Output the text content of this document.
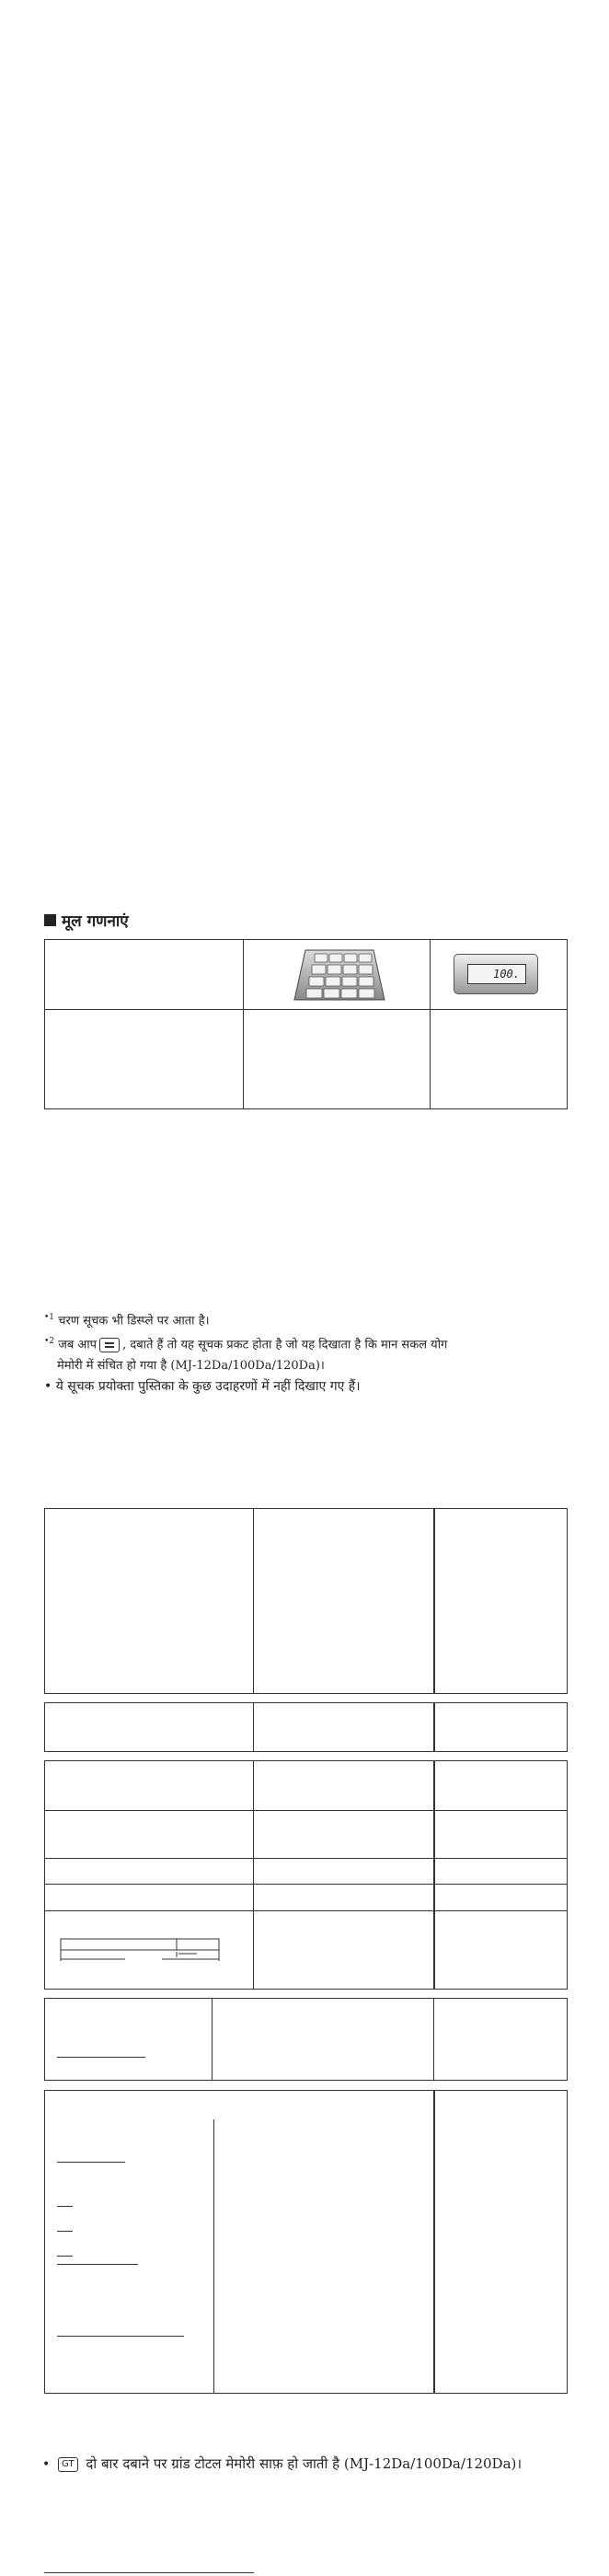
मूल गणनाएं
100.
$^{•1}$ चरण सूचक भी डिस्प्ले पर आता है।
$^{•2}$ जब आप , दबाते हैं तो यह सूचक प्रकट होता है जो यह दिखाता है कि मान सकल योग
मेमोरी में संचित हो गया है (MJ-12Da/100Da/120Da)।
• ये सूचक प्रयोक्ता पुस्तिका के कुछ उदाहरणों में नहीं दिखाए गए हैं।
• GT दो बार दबाने पर ग्रांड टोटल मेमोरी साफ़ हो जाती है (MJ-12Da/100Da/120Da)।
